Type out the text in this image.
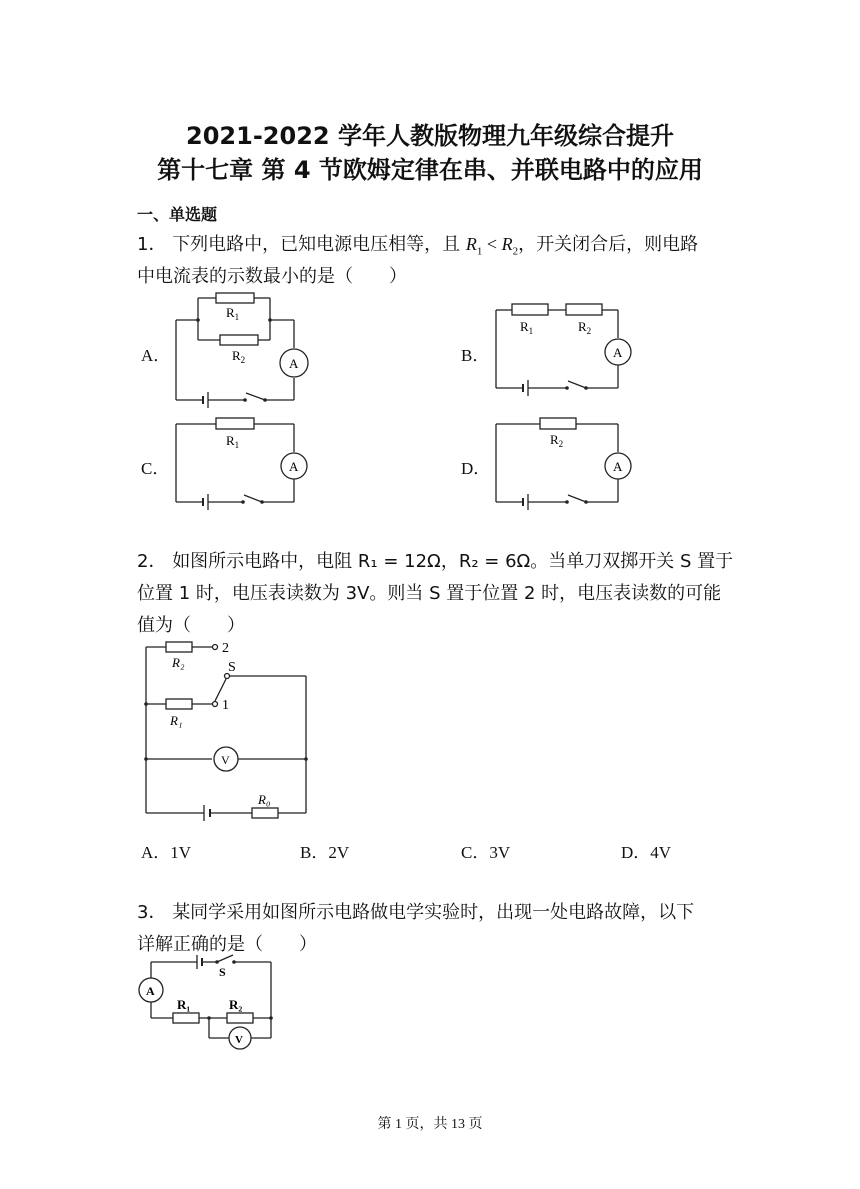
2021-2022 学年人教版物理九年级综合提升
第十七章 第 4 节欧姆定律在串、并联电路中的应用
一、单选题
1． 下列电路中，已知电源电压相等，且 $R_1 < R_2$，开关闭合后，则电路
中电流表的示数最小的是（　　）
A．	B．
C．	D．
$R_1$
$R_2$	A
$R_1$	$R_2$
A
$R_1$
A
$R_2$
A
2． 如图所示电路中，电阻 R₁ = 12Ω，R₂ = 6Ω。当单刀双掷开关 S 置于
位置 1 时，电压表读数为 3V。则当 S 置于位置 2 时，电压表读数的可能
值为（　　）
R₂
2
S
1
R₁
V
R₀
A．1V	B．2V	C．3V	D．4V
3． 某同学采用如图所示电路做电学实验时，出现一处电路故障，以下
详解正确的是（　　）
S
A
R₁	R₂
V
第 1 页，共 13 页
